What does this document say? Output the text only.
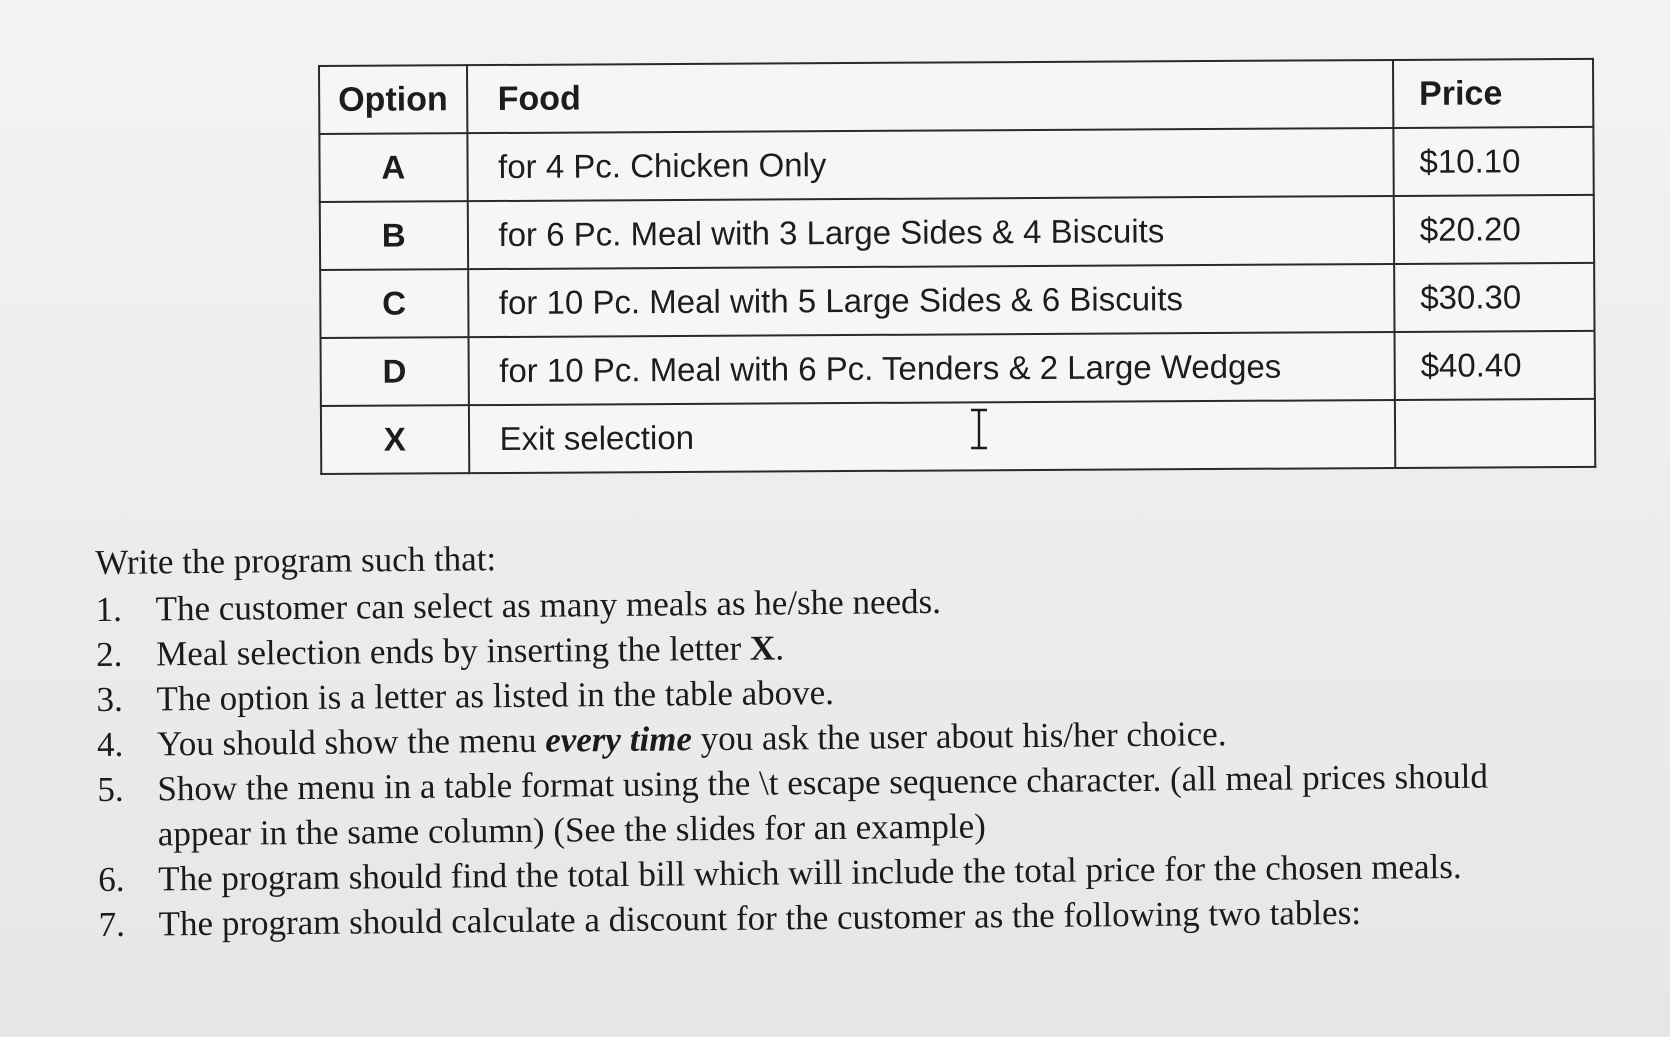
Option	Food	Price
A	for 4 Pc. Chicken Only	$10.10
B	for 6 Pc. Meal with 3 Large Sides & 4 Biscuits	$20.20
C	for 10 Pc. Meal with 5 Large Sides & 6 Biscuits	$30.30
D	for 10 Pc. Meal with 6 Pc. Tenders & 2 Large Wedges	$40.40
X	Exit selection	
Write the program such that:
1. The customer can select as many meals as he/she needs.
2. Meal selection ends by inserting the letter X.
3. The option is a letter as listed in the table above.
4. You should show the menu every time you ask the user about his/her choice.
5. Show the menu in a table format using the \t escape sequence character. (all meal prices should appear in the same column) (See the slides for an example)
6. The program should find the total bill which will include the total price for the chosen meals.
7. The program should calculate a discount for the customer as the following two tables:
